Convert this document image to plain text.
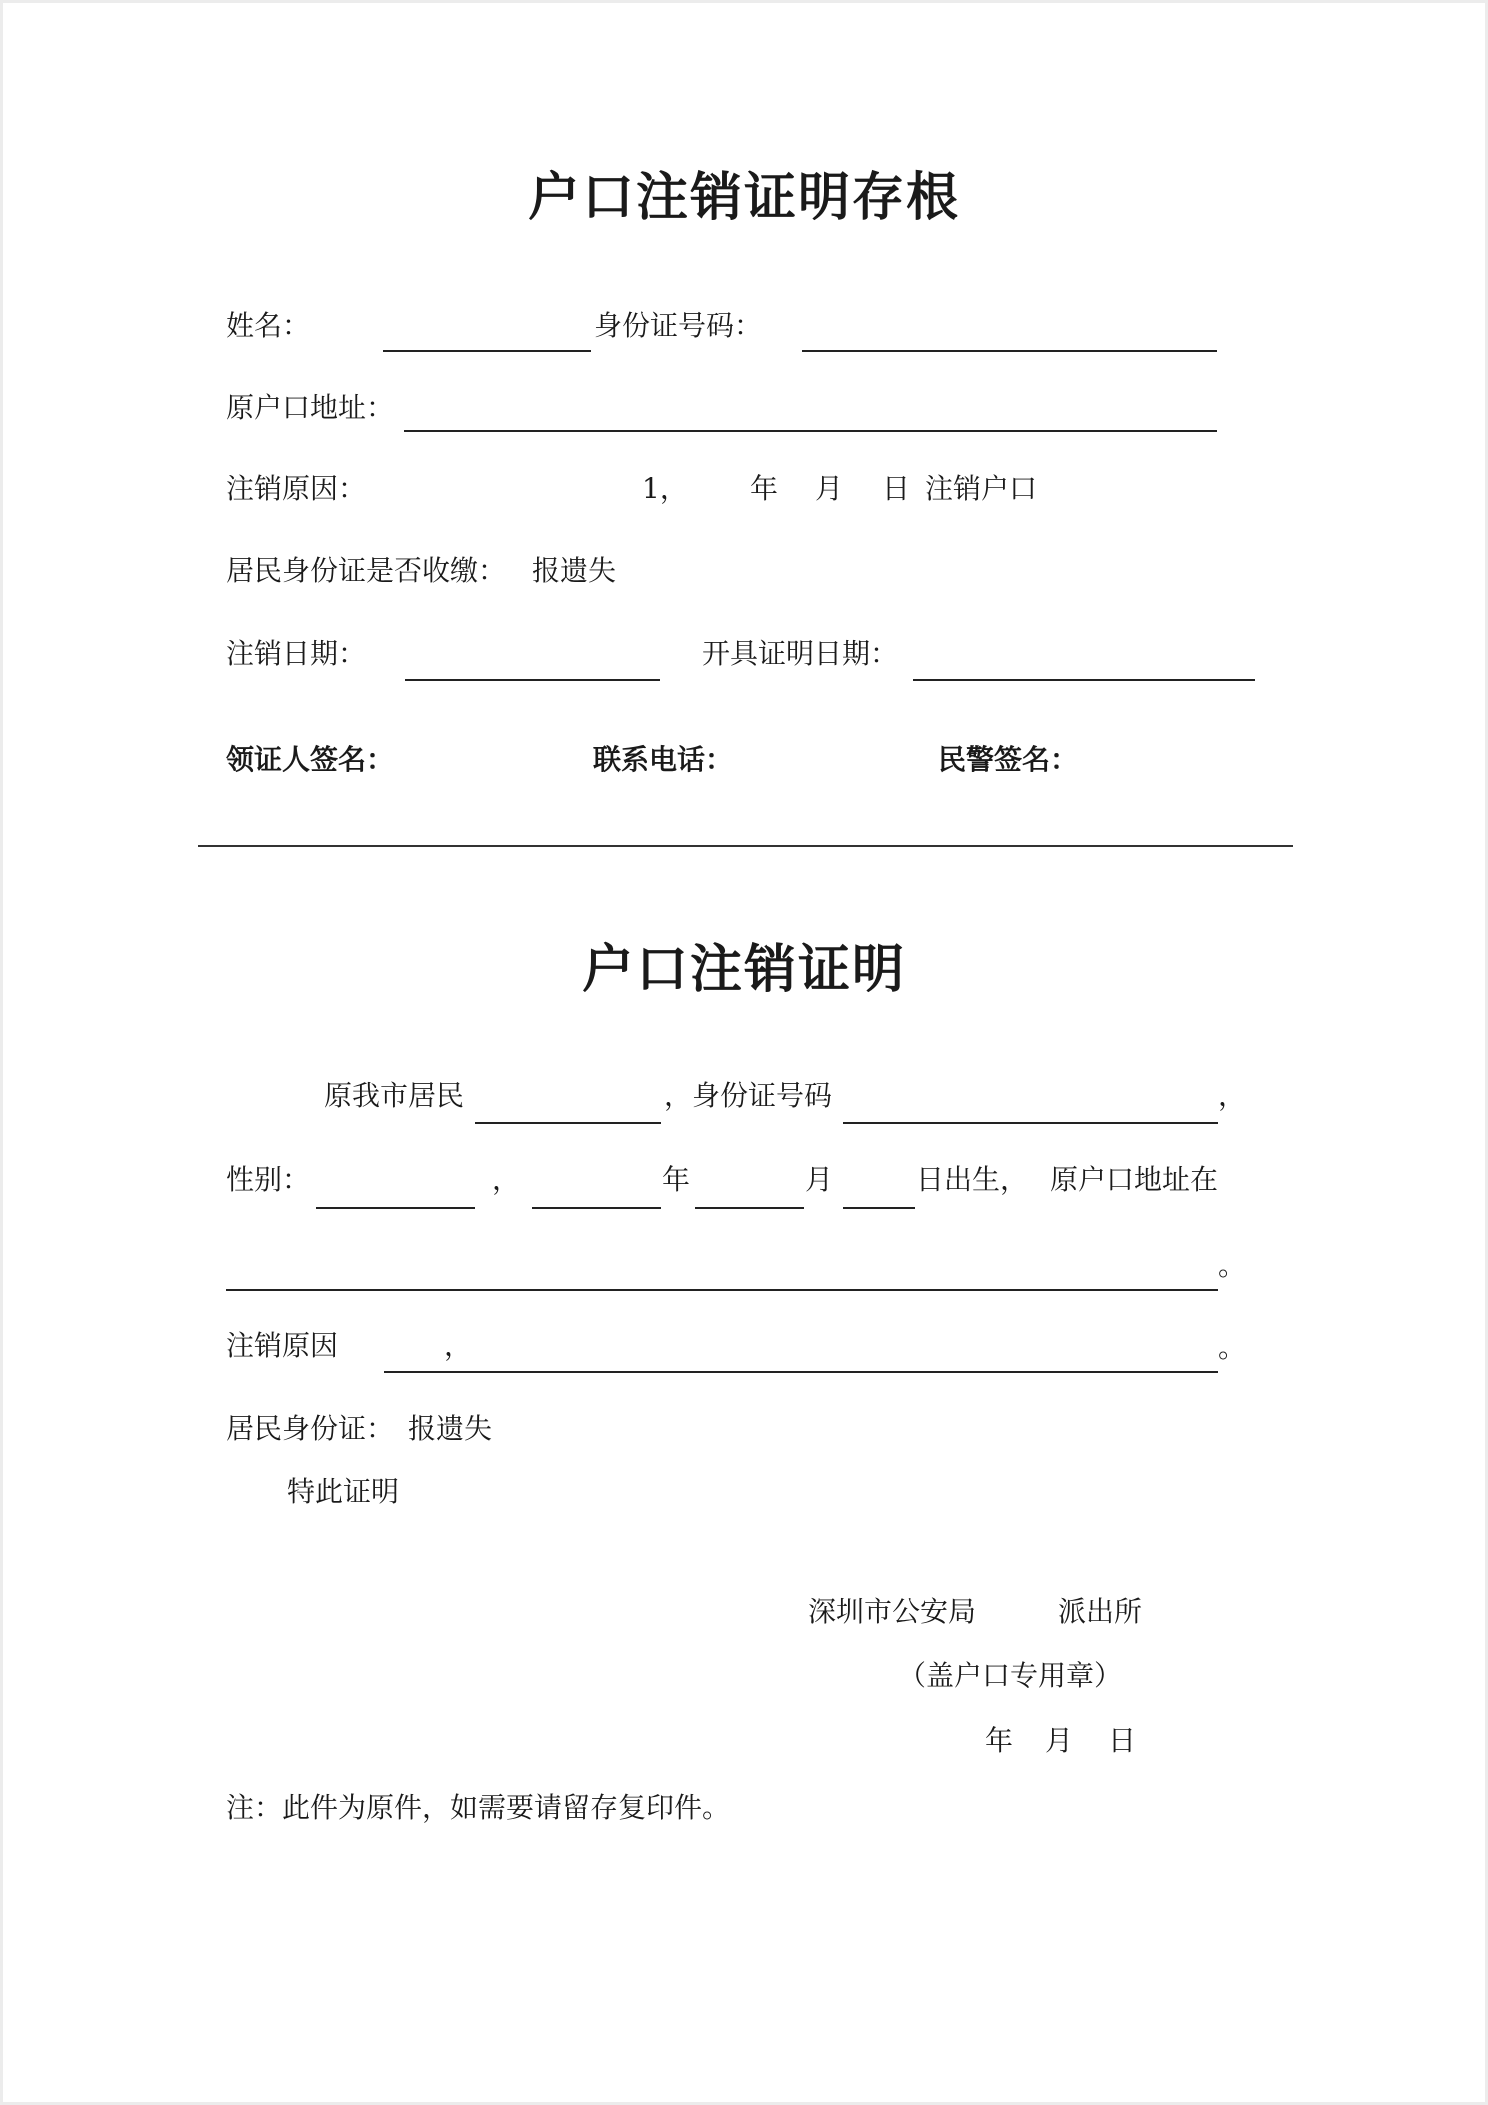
户口注销证明存根
姓名：	身份证号码：
原户口地址：
注销原因：	1， 年 月 日 注销户口
居民身份证是否收缴： 报遗失
注销日期：	开具证明日期：
领证人签名：	联系电话：	民警签名：
户口注销证明
原我市居民	，身份证号码	，
性别：	，	年	月	日出生， 原户口地址在
。
注销原因	，	。
居民身份证： 报遗失
特此证明
深圳市公安局	派出所
（盖户口专用章）
年 月 日
注：此件为原件，如需要请留存复印件。
